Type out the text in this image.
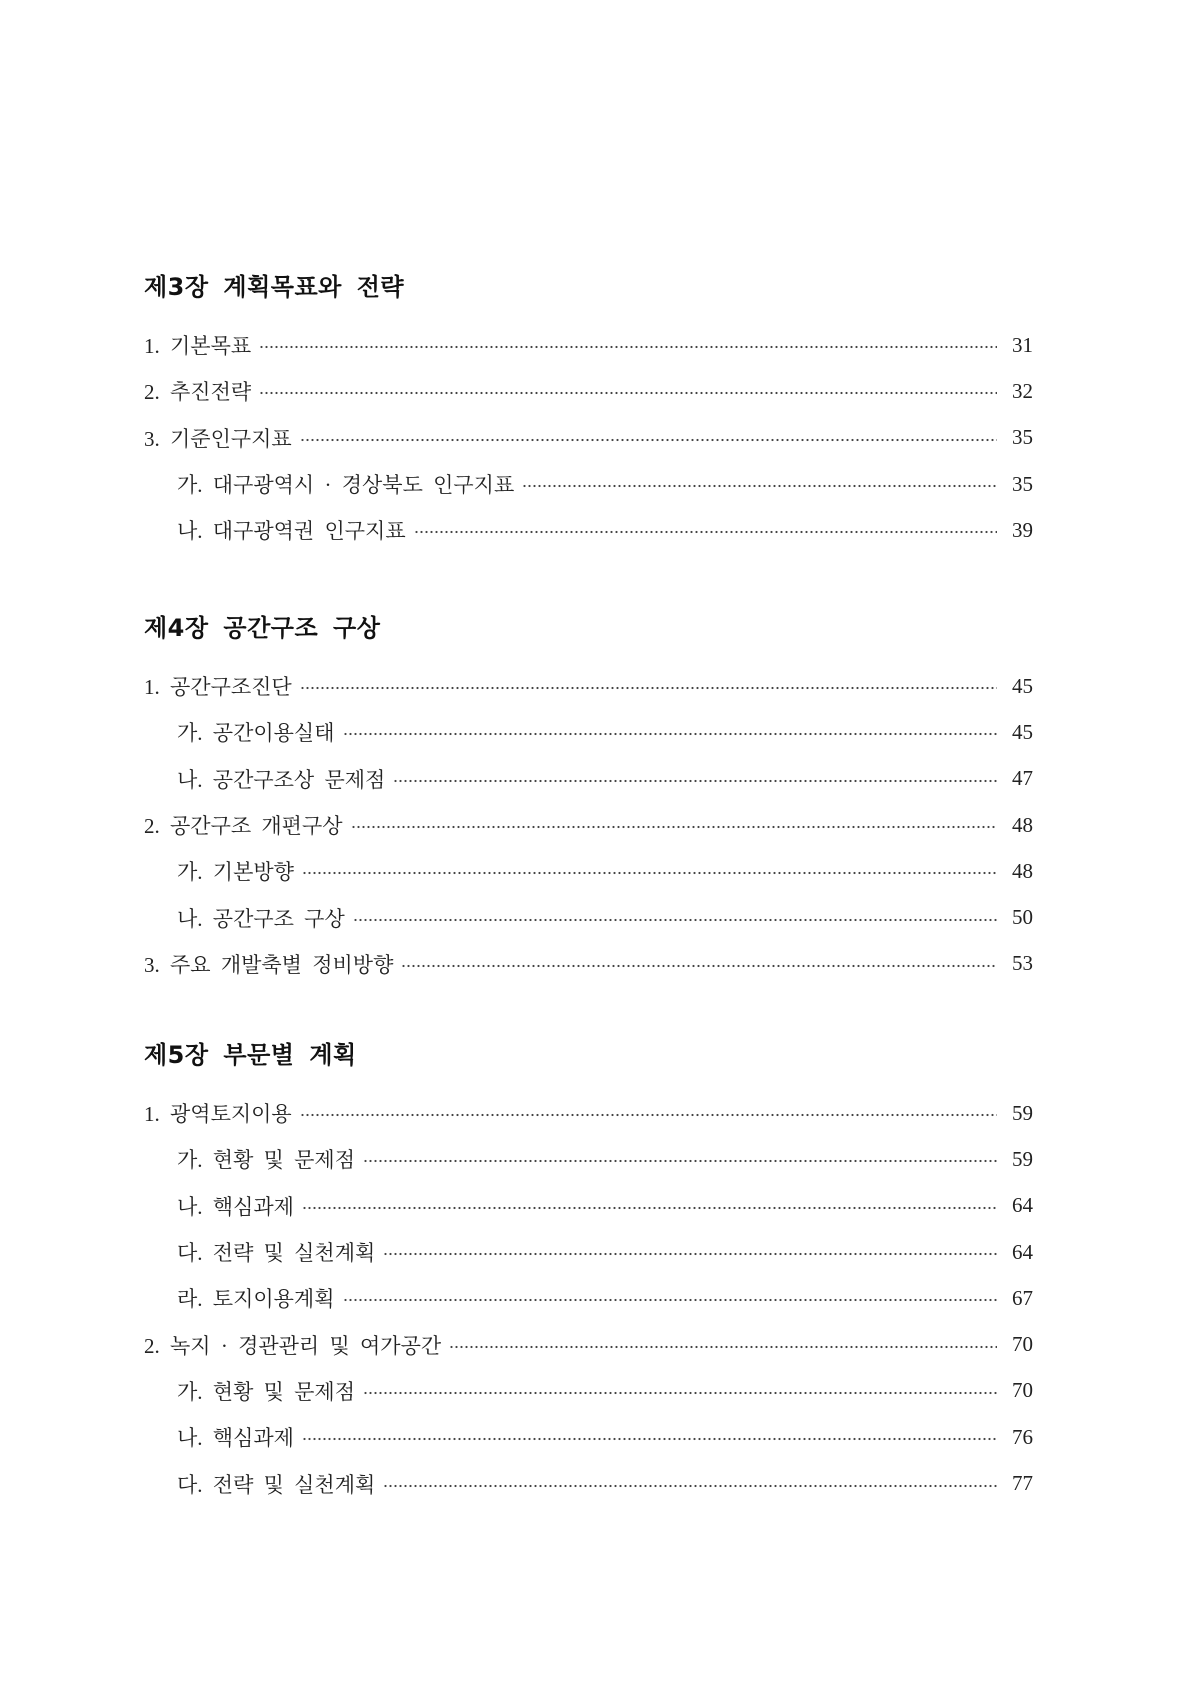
제3장 계획목표와 전략
1. 기본목표	31
2. 추진전략	32
3. 기준인구지표	35
가. 대구광역시 · 경상북도 인구지표	35
나. 대구광역권 인구지표	39
제4장 공간구조 구상
1. 공간구조진단	45
가. 공간이용실태	45
나. 공간구조상 문제점	47
2. 공간구조 개편구상	48
가. 기본방향	48
나. 공간구조 구상	50
3. 주요 개발축별 정비방향	53
제5장 부문별 계획
1. 광역토지이용	59
가. 현황 및 문제점	59
나. 핵심과제	64
다. 전략 및 실천계획	64
라. 토지이용계획	67
2. 녹지 · 경관관리 및 여가공간	70
가. 현황 및 문제점	70
나. 핵심과제	76
다. 전략 및 실천계획	77
